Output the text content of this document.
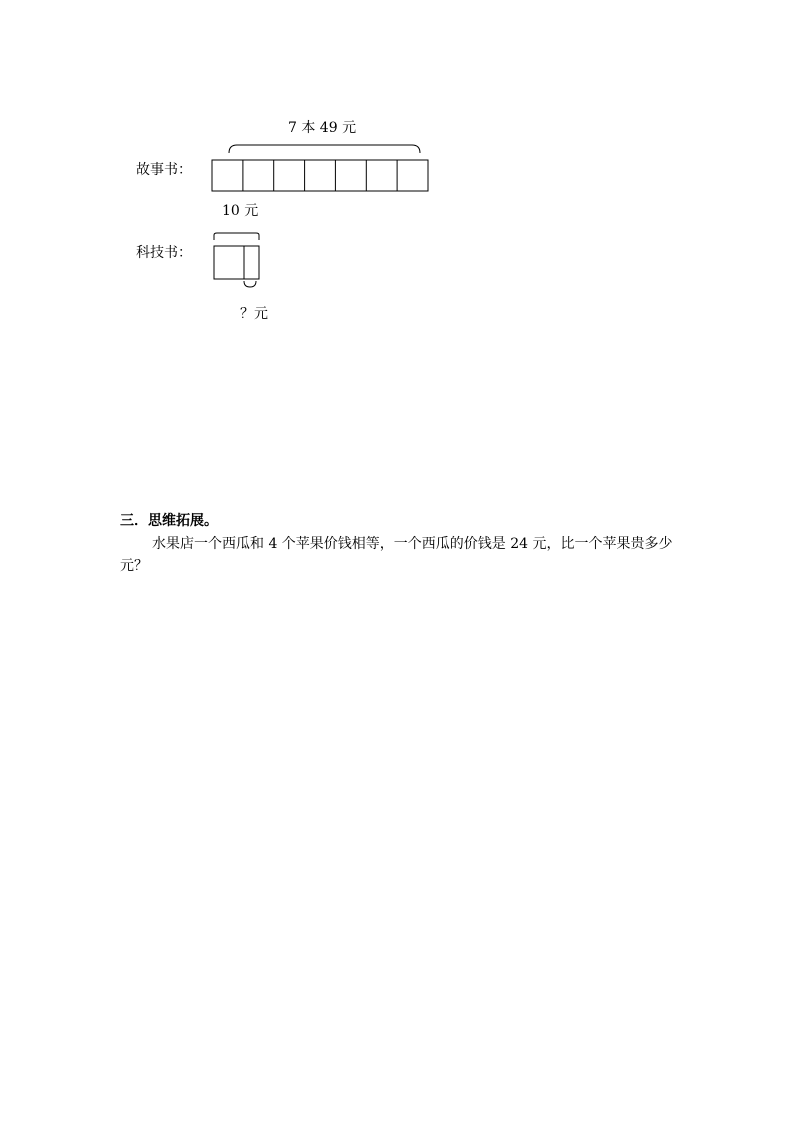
7 本 49 元
故事书：
10 元
科技书：
？元
三．思维拓展。
水果店一个西瓜和 4 个苹果价钱相等，一个西瓜的价钱是 24 元，比一个苹果贵多少元？
